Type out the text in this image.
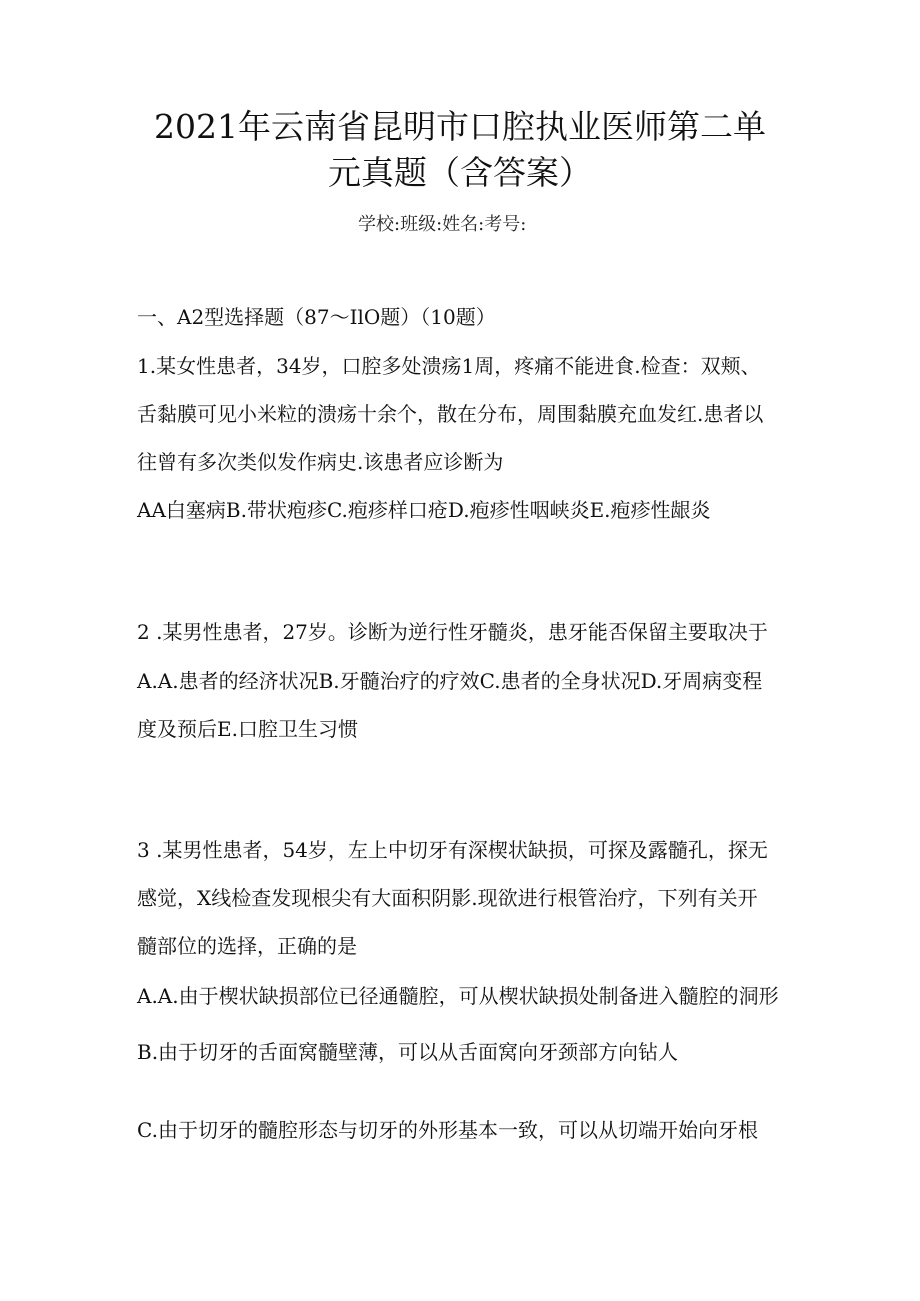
2021年云南省昆明市口腔执业医师第二单
元真题（含答案）
学校:班级:姓名:考号:
一、A2型选择题（87～IlO题）（10题）
1.某女性患者，34岁，口腔多处溃疡1周，疼痛不能进食.检查：双颊、
舌黏膜可见小米粒的溃疡十余个，散在分布，周围黏膜充血发红.患者以
往曾有多次类似发作病史.该患者应诊断为
AA白塞病B.带状疱疹C.疱疹样口疮D.疱疹性咽峡炎E.疱疹性龈炎
2 .某男性患者，27岁。诊断为逆行性牙髓炎，患牙能否保留主要取决于
A.A.患者的经济状况B.牙髓治疗的疗效C.患者的全身状况D.牙周病变程
度及预后E.口腔卫生习惯
3 .某男性患者，54岁，左上中切牙有深楔状缺损，可探及露髓孔，探无
感觉，X线检查发现根尖有大面积阴影.现欲进行根管治疗，下列有关开
髓部位的选择，正确的是
A.A.由于楔状缺损部位已径通髓腔，可从楔状缺损处制备进入髓腔的洞形
B.由于切牙的舌面窝髓壁薄，可以从舌面窝向牙颈部方向钻人
C.由于切牙的髓腔形态与切牙的外形基本一致，可以从切端开始向牙根
